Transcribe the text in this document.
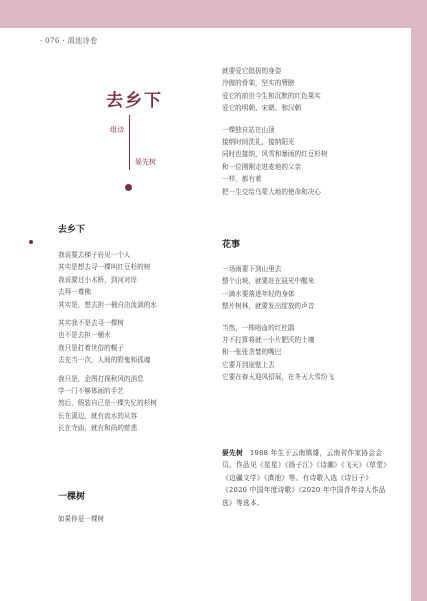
· 076 · 滇池诗卷
去乡下
组诗
晏先树
去乡下
我说要去梯子岩见一个人
其实是想去寻一棵叫红豆杉的树
我说要过小木桥，到河对岸
去拜一尊佛
其实是，想去担一桶自由流淌的水
其实我不是去寻一棵树
也不是去担一桶水
我只是打着世俗的幌子
去充当一次，人间的野鬼和孤魂
我只是，企图打探秋风的消息
学一门不够体面的手艺
然后，假装自己是一棵失忆的杉树
长在溪边，就有流水的从容
长在寺庙，就有和尚的慈悲
一棵树
如果你爱一棵树
就要爱它挺拔的身姿
冷傲的骨架，坚实的臂膀
爱它的前世今生和沉默的红色果实
爱它的明朝、宋朝、和汉朝
一棵独自站在山顶
接纳时间洗礼，接纳阳光
同时也接纳，风雪和暴雨的红豆杉树
和一位刚刚走进麦地的父亲
一样，都有着
把一生交给乌蒙大地的使命和决心
花事
一场雨要下到山里去
整个山坡，就要赶在晨光中醒来
一滴水要落进年轻的身体
整片树林，就要发出绽放的声音
当然，一株咯血的红杜鹃
并不打算将就一小片肥沃的土壤
和一张张贪婪的嘴巴
它要开到崖壁上去
它要在春天迎风招展，在冬天大雪纷飞
晏先树　1988 年生于云南镇雄，云南省作家协会会员。作品见《星星》《扬子江》《诗潮》《飞天》《草堂》《边疆文学》《滇池》等。有诗歌入选《诗日子》《2020 中国年度诗歌》《2020 年中国青年诗人作品选》等选本。
